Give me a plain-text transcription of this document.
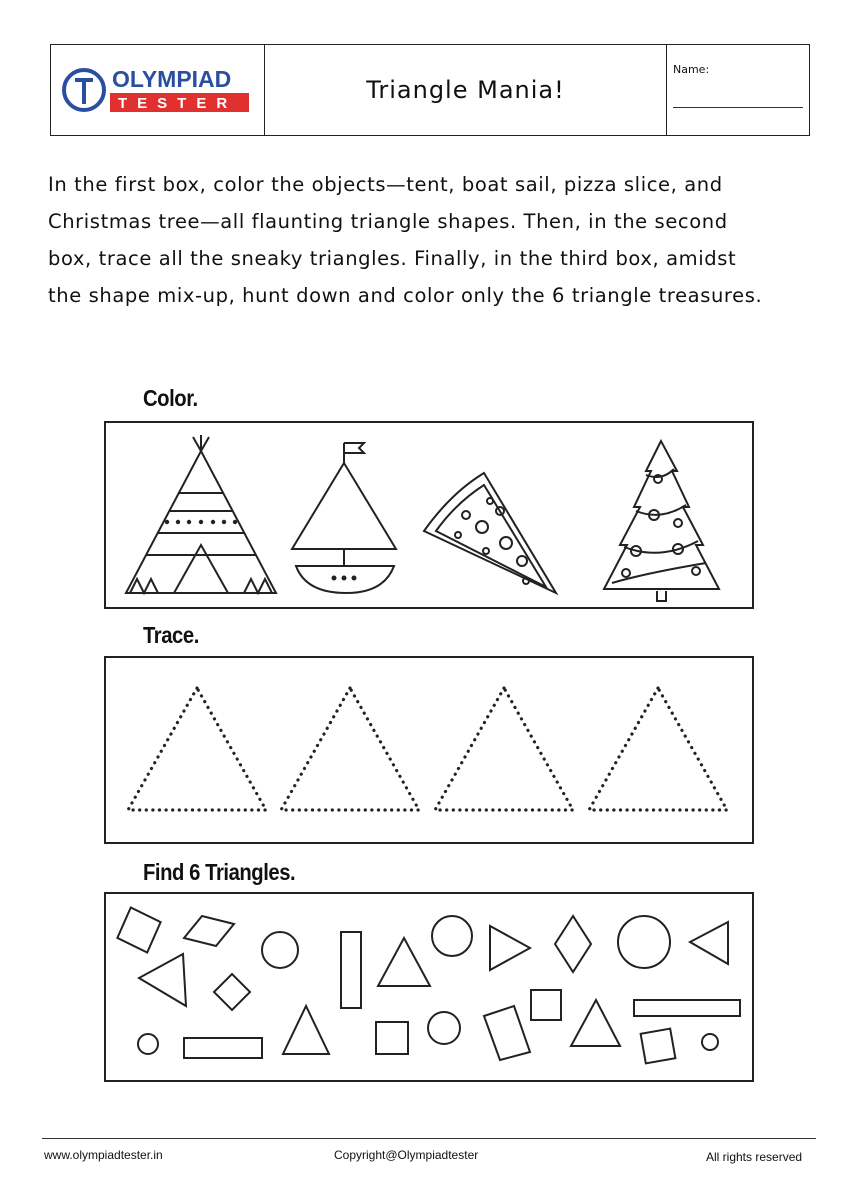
OLYMPIAD
TESTER	Triangle Mania!
Name:
In the first box, color the objects—tent, boat sail, pizza slice, and Christmas tree—all flaunting triangle shapes. Then, in the second box, trace all the sneaky triangles. Finally, in the third box, amidst the shape mix-up, hunt down and color only the 6 triangle treasures.
Color.
Trace.
Find 6 Triangles.
www.olympiadtester.in	Copyright@Olympiadtester	All rights reserved
